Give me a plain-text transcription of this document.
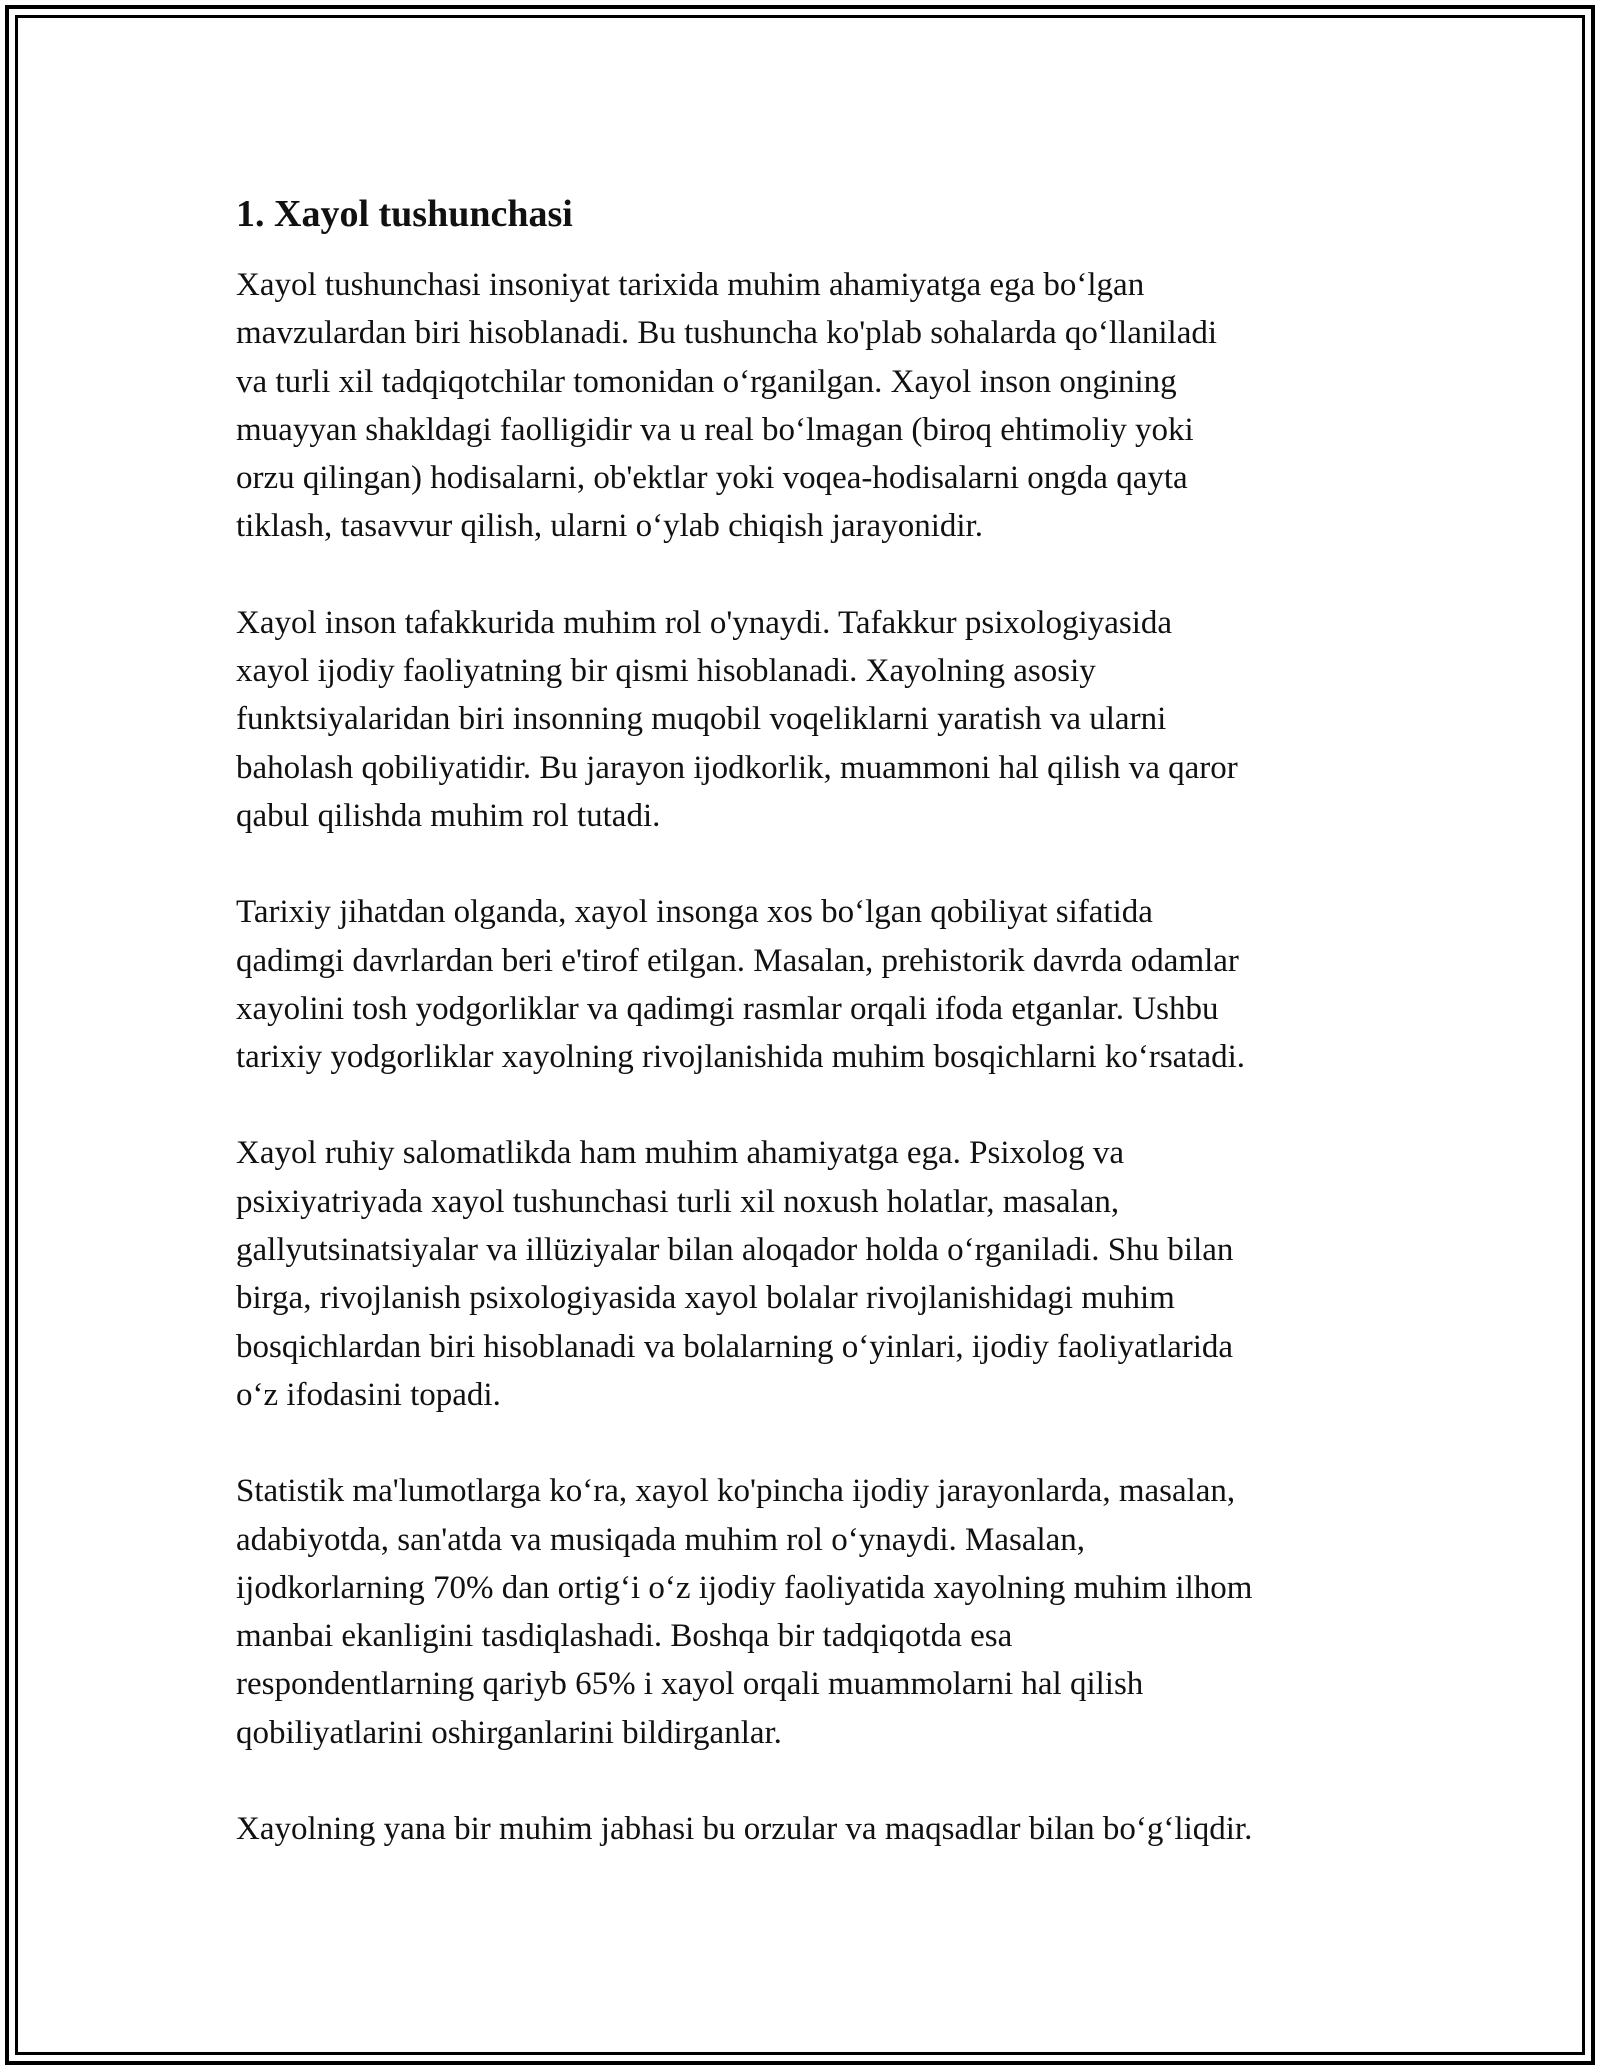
1. Xayol tushunchasi

Xayol tushunchasi insoniyat tarixida muhim ahamiyatga ega bo‘lgan
mavzulardan biri hisoblanadi. Bu tushuncha ko'plab sohalarda qo‘llaniladi
va turli xil tadqiqotchilar tomonidan o‘rganilgan. Xayol inson ongining
muayyan shakldagi faolligidir va u real bo‘lmagan (biroq ehtimoliy yoki
orzu qilingan) hodisalarni, ob'ektlar yoki voqea-hodisalarni ongda qayta
tiklash, tasavvur qilish, ularni o‘ylab chiqish jarayonidir.

Xayol inson tafakkurida muhim rol o'ynaydi. Tafakkur psixologiyasida
xayol ijodiy faoliyatning bir qismi hisoblanadi. Xayolning asosiy
funktsiyalaridan biri insonning muqobil voqeliklarni yaratish va ularni
baholash qobiliyatidir. Bu jarayon ijodkorlik, muammoni hal qilish va qaror
qabul qilishda muhim rol tutadi.

Tarixiy jihatdan olganda, xayol insonga xos bo‘lgan qobiliyat sifatida
qadimgi davrlardan beri e'tirof etilgan. Masalan, prehistorik davrda odamlar
xayolini tosh yodgorliklar va qadimgi rasmlar orqali ifoda etganlar. Ushbu
tarixiy yodgorliklar xayolning rivojlanishida muhim bosqichlarni ko‘rsatadi.

Xayol ruhiy salomatlikda ham muhim ahamiyatga ega. Psixolog va
psixiyatriyada xayol tushunchasi turli xil noxush holatlar, masalan,
gallyutsinatsiyalar va illüziyalar bilan aloqador holda o‘rganiladi. Shu bilan
birga, rivojlanish psixologiyasida xayol bolalar rivojlanishidagi muhim
bosqichlardan biri hisoblanadi va bolalarning o‘yinlari, ijodiy faoliyatlarida
o‘z ifodasini topadi.

Statistik ma'lumotlarga ko‘ra, xayol ko'pincha ijodiy jarayonlarda, masalan,
adabiyotda, san'atda va musiqada muhim rol o‘ynaydi. Masalan,
ijodkorlarning 70% dan ortig‘i o‘z ijodiy faoliyatida xayolning muhim ilhom
manbai ekanligini tasdiqlashadi. Boshqa bir tadqiqotda esa
respondentlarning qariyb 65% i xayol orqali muammolarni hal qilish
qobiliyatlarini oshirganlarini bildirganlar.

Xayolning yana bir muhim jabhasi bu orzular va maqsadlar bilan bo‘g‘liqdir.
